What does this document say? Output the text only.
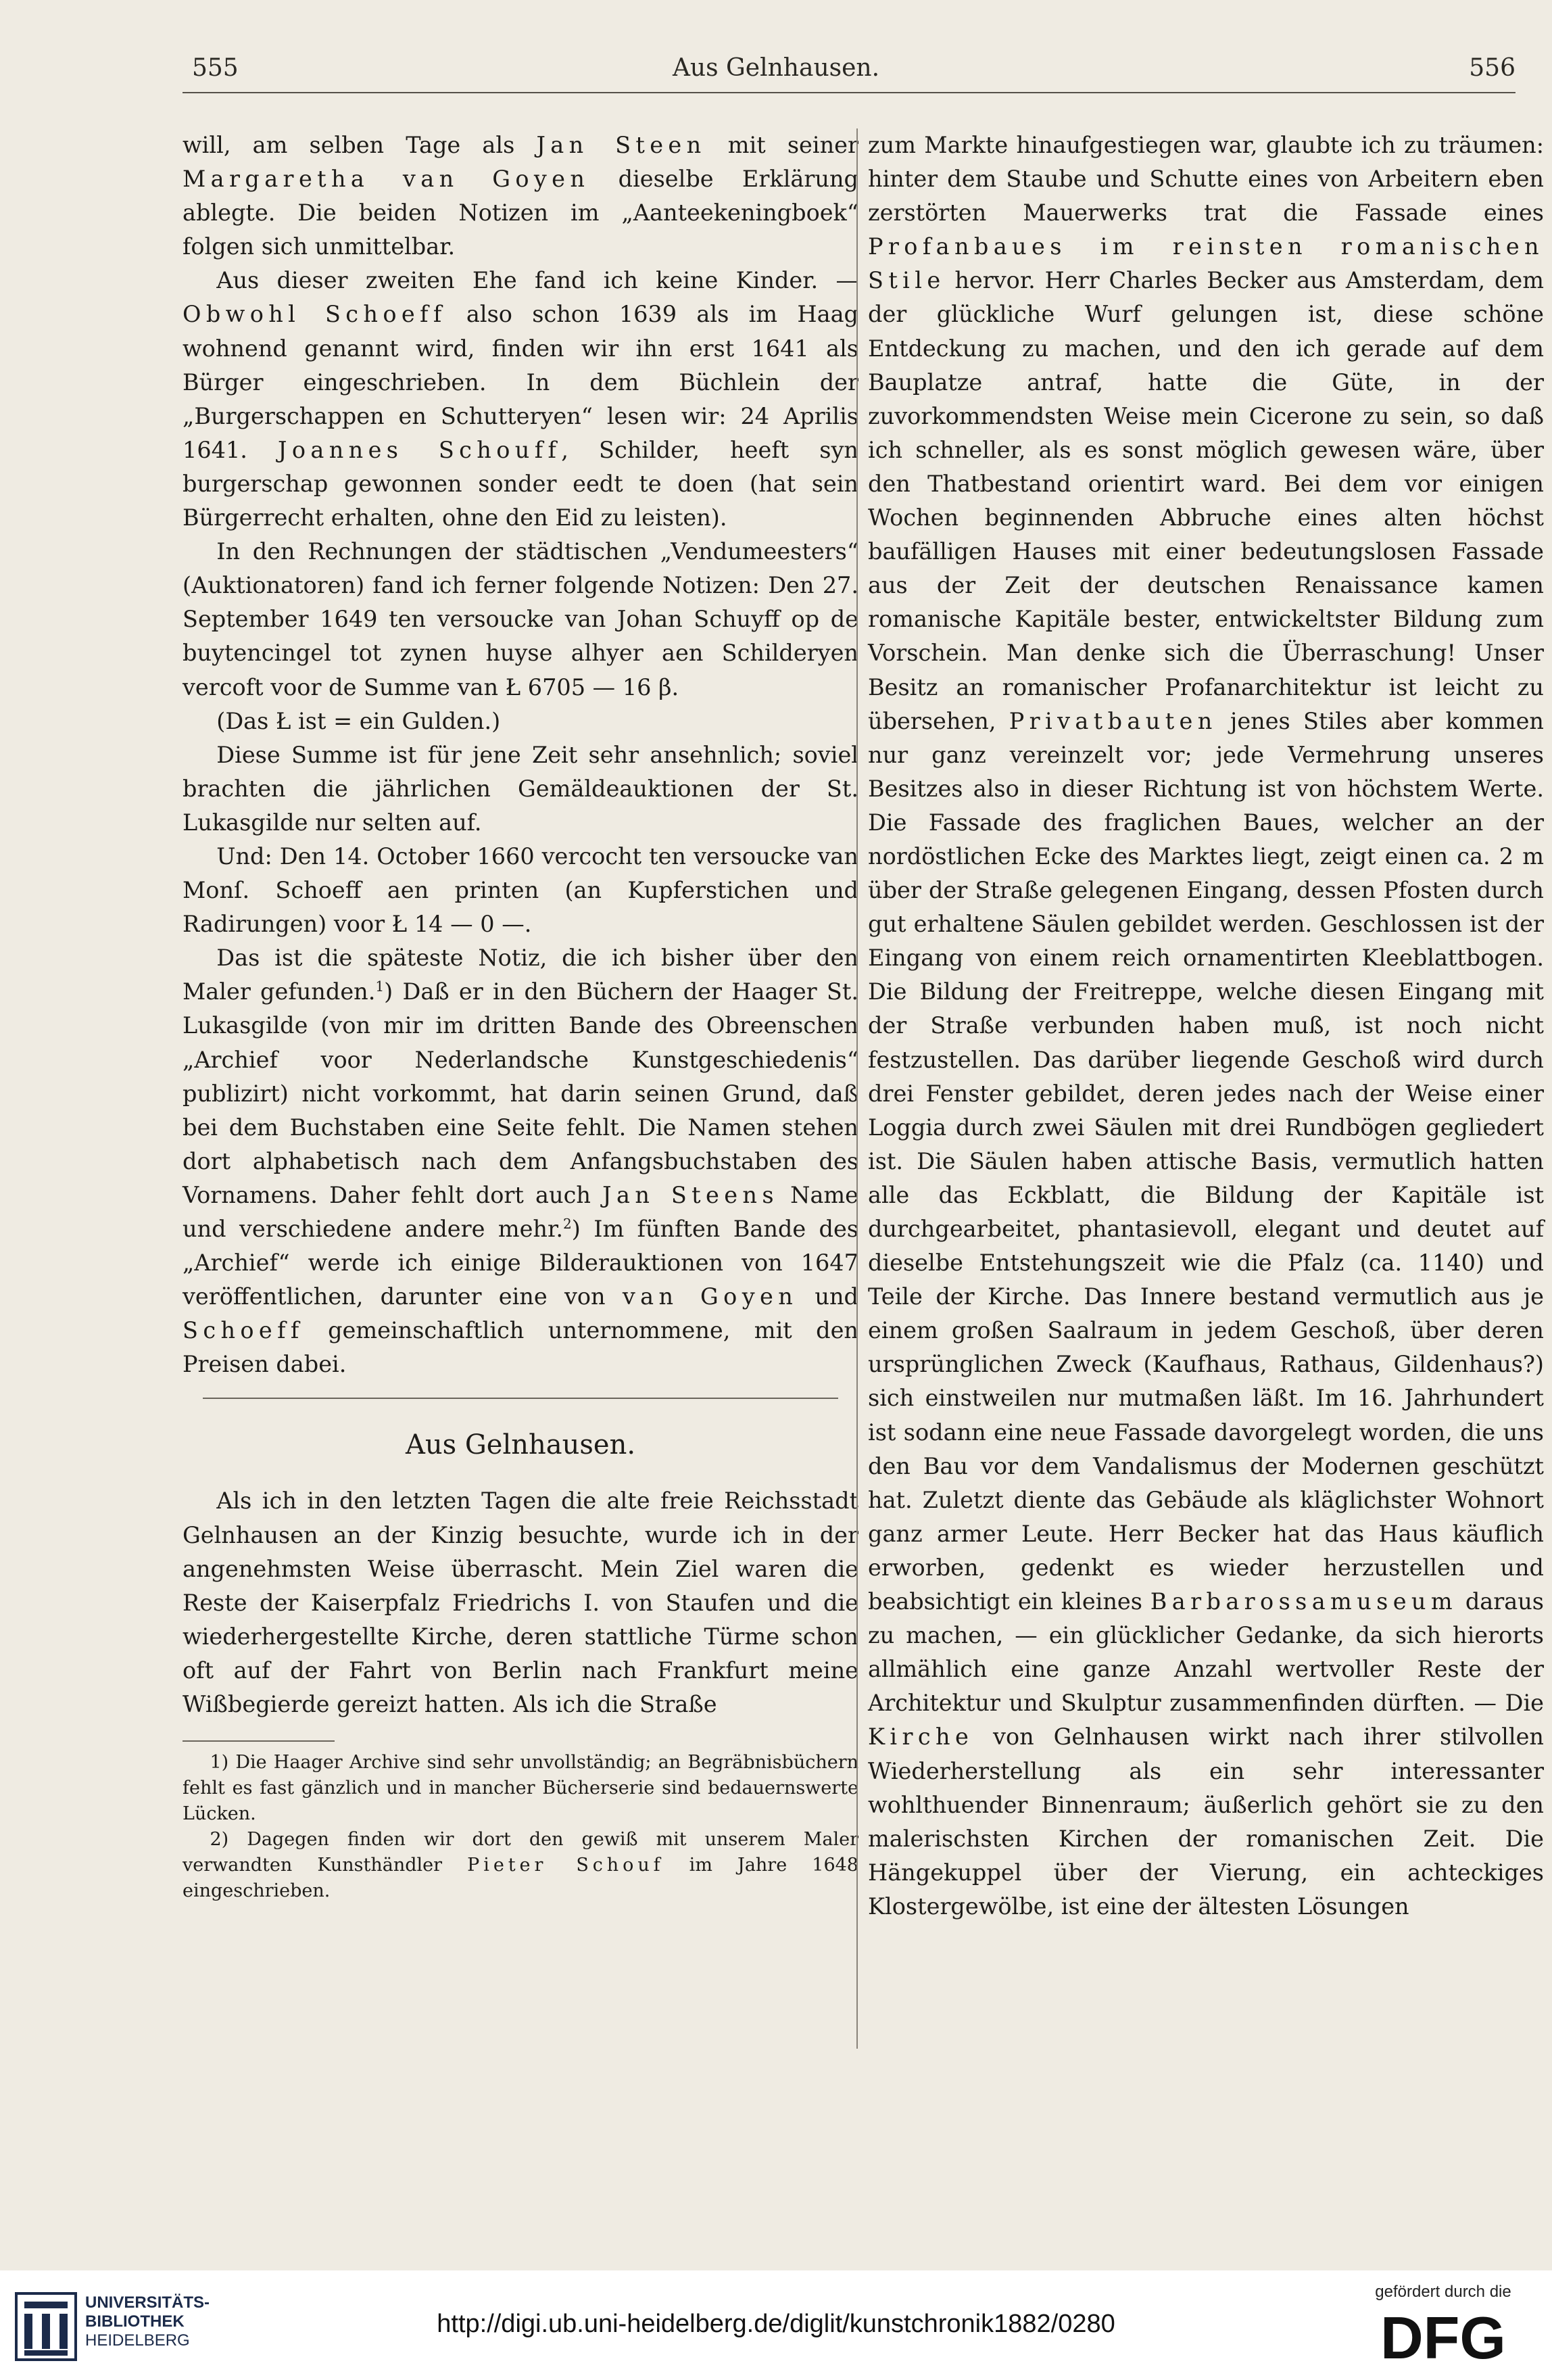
555	Aus Gelnhausen.	556

will, am selben Tage als Jan Steen mit seiner Margaretha van Goyen dieselbe Erklärung ablegte. Die beiden Notizen im „Aanteekeningboek“ folgen sich unmittelbar.

Aus dieser zweiten Ehe fand ich keine Kinder. — Obwohl Schoeff also schon 1639 als im Haag wohnend genannt wird, finden wir ihn erst 1641 als Bürger eingeschrieben. In dem Büchlein der „Burgerschappen en Schutteryen“ lesen wir: 24 Aprilis 1641. Joannes Schouff, Schilder, heeft syn burgerschap gewonnen sonder eedt te doen (hat sein Bürgerrecht erhalten, ohne den Eid zu leisten).

In den Rechnungen der städtischen „Vendumeesters“ (Auktionatoren) fand ich ferner folgende Notizen: Den 27. September 1649 ten versoucke van Johan Schuyff op de buytencingel tot zynen huyse alhyer aen Schilderyen vercoft voor de Summe van Ł 6705 — 16 β.

(Das Ł ist = ein Gulden.)

Diese Summe ist für jene Zeit sehr ansehnlich; soviel brachten die jährlichen Gemäldeauktionen der St. Lukasgilde nur selten auf.

Und: Den 14. October 1660 vercocht ten versoucke van Monſ. Schoeff aen printen (an Kupferstichen und Radirungen) voor Ł 14 — 0 —.

Das ist die späteste Notiz, die ich bisher über den Maler gefunden.$^1$) Daß er in den Büchern der Haager St. Lukasgilde (von mir im dritten Bande des Obreenschen „Archief voor Nederlandsche Kunstgeschiedenis“ publizirt) nicht vorkommt, hat darin seinen Grund, daß bei dem Buchstaben eine Seite fehlt. Die Namen stehen dort alphabetisch nach dem Anfangsbuchstaben des Vornamens. Daher fehlt dort auch Jan Steens Name und verschiedene andere mehr.$^2$) Im fünften Bande des „Archief“ werde ich einige Bilderauktionen von 1647 veröffentlichen, darunter eine von van Goyen und Schoeff gemeinschaftlich unternommene, mit den Preisen dabei.

Aus Gelnhausen.

Als ich in den letzten Tagen die alte freie Reichsstadt Gelnhausen an der Kinzig besuchte, wurde ich in der angenehmsten Weise überrascht. Mein Ziel waren die Reste der Kaiserpfalz Friedrichs I. von Staufen und die wiederhergestellte Kirche, deren stattliche Türme schon oft auf der Fahrt von Berlin nach Frankfurt meine Wißbegierde gereizt hatten. Als ich die Straße

1) Die Haager Archive sind sehr unvollständig; an Begräbnisbüchern fehlt es fast gänzlich und in mancher Bücherserie sind bedauernswerte Lücken.

2) Dagegen finden wir dort den gewiß mit unserem Maler verwandten Kunsthändler Pieter Schouf im Jahre 1648 eingeschrieben.

zum Markte hinaufgestiegen war, glaubte ich zu träumen: hinter dem Staube und Schutte eines von Arbeitern eben zerstörten Mauerwerks trat die Fassade eines Profanbaues im reinsten romanischen Stile hervor. Herr Charles Becker aus Amsterdam, dem der glückliche Wurf gelungen ist, diese schöne Entdeckung zu machen, und den ich gerade auf dem Bauplatze antraf, hatte die Güte, in der zuvorkommendsten Weise mein Cicerone zu sein, so daß ich schneller, als es sonst möglich gewesen wäre, über den Thatbestand orientirt ward. Bei dem vor einigen Wochen beginnenden Abbruche eines alten höchst baufälligen Hauses mit einer bedeutungslosen Fassade aus der Zeit der deutschen Renaissance kamen romanische Kapitäle bester, entwickeltster Bildung zum Vorschein. Man denke sich die Überraschung! Unser Besitz an romanischer Profanarchitektur ist leicht zu übersehen, Privatbauten jenes Stiles aber kommen nur ganz vereinzelt vor; jede Vermehrung unseres Besitzes also in dieser Richtung ist von höchstem Werte. Die Fassade des fraglichen Baues, welcher an der nordöstlichen Ecke des Marktes liegt, zeigt einen ca. 2 m über der Straße gelegenen Eingang, dessen Pfosten durch gut erhaltene Säulen gebildet werden. Geschlossen ist der Eingang von einem reich ornamentirten Kleeblattbogen. Die Bildung der Freitreppe, welche diesen Eingang mit der Straße verbunden haben muß, ist noch nicht festzustellen. Das darüber liegende Geschoß wird durch drei Fenster gebildet, deren jedes nach der Weise einer Loggia durch zwei Säulen mit drei Rundbögen gegliedert ist. Die Säulen haben attische Basis, vermutlich hatten alle das Eckblatt, die Bildung der Kapitäle ist durchgearbeitet, phantasievoll, elegant und deutet auf dieselbe Entstehungszeit wie die Pfalz (ca. 1140) und Teile der Kirche. Das Innere bestand vermutlich aus je einem großen Saalraum in jedem Geschoß, über deren ursprünglichen Zweck (Kaufhaus, Rathaus, Gildenhaus?) sich einstweilen nur mutmaßen läßt. Im 16. Jahrhundert ist sodann eine neue Fassade davorgelegt worden, die uns den Bau vor dem Vandalismus der Modernen geschützt hat. Zuletzt diente das Gebäude als kläglichster Wohnort ganz armer Leute. Herr Becker hat das Haus käuflich erworben, gedenkt es wieder herzustellen und beabsichtigt ein kleines Barbarossamuseum daraus zu machen, — ein glücklicher Gedanke, da sich hierorts allmählich eine ganze Anzahl wertvoller Reste der Architektur und Skulptur zusammenfinden dürften. — Die Kirche von Gelnhausen wirkt nach ihrer stilvollen Wiederherstellung als ein sehr interessanter wohlthuender Binnenraum; äußerlich gehört sie zu den malerischsten Kirchen der romanischen Zeit. Die Hängekuppel über der Vierung, ein achteckiges Klostergewölbe, ist eine der ältesten Lösungen

UNIVERSITÄTS-
BIBLIOTHEK
HEIDELBERG
http://digi.ub.uni-heidelberg.de/diglit/kunstchronik1882/0280
gefördert durch die
DFG
